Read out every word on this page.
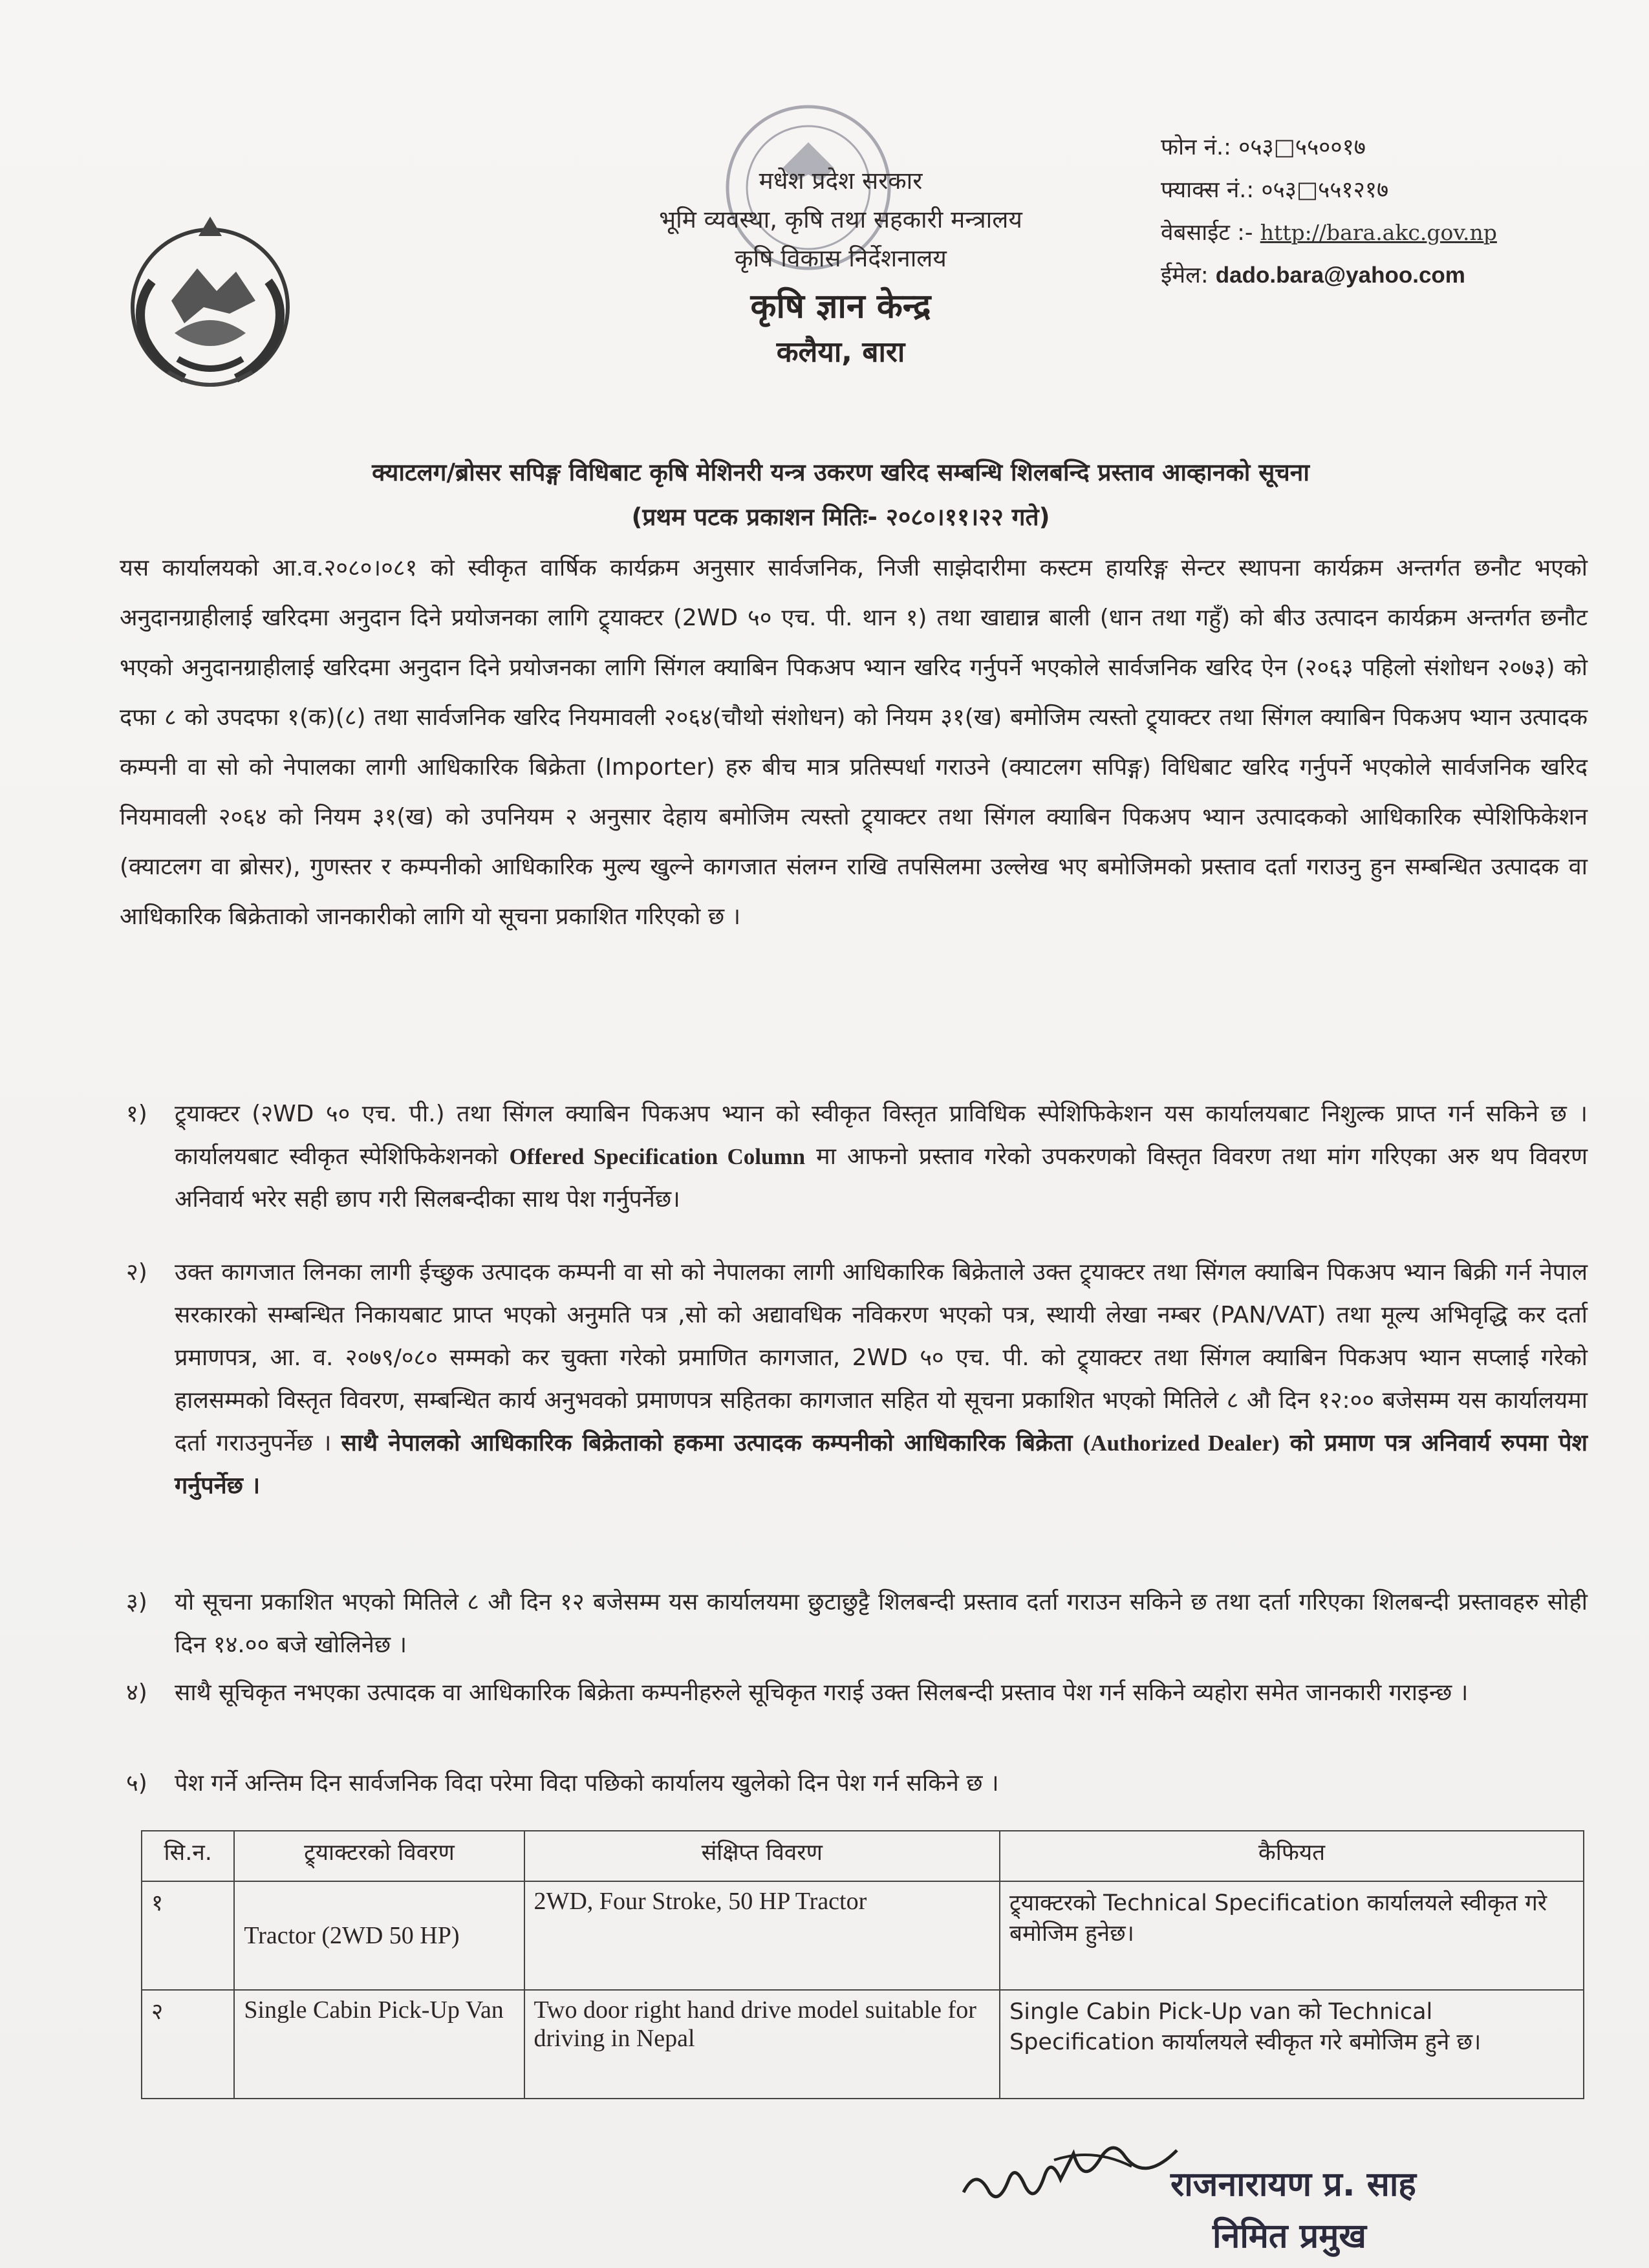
मधेश प्रदेश सरकार
भूमि व्यवस्था, कृषि तथा सहकारी मन्त्रालय
कृषि विकास निर्देशनालय
कृषि ज्ञान केन्द्र
कलैया, बारा
फोन नं.: ०५३□५५००१७
फ्याक्स नं.: ०५३□५५१२१७
वेबसाईट :- http://bara.akc.gov.np
ईमेल: dado.bara@yahoo.com
क्याटलग/ब्रोसर सपिङ्ग विधिबाट कृषि मेशिनरी यन्त्र उकरण खरिद सम्बन्धि शिलबन्दि प्रस्ताव आव्हानको सूचना
(प्रथम पटक प्रकाशन मितिः- २०८०।११।२२ गते)
यस कार्यालयको आ.व.२०८०।०८१ को स्वीकृत वार्षिक कार्यक्रम अनुसार सार्वजनिक, निजी साझेदारीमा कस्टम हायरिङ्ग सेन्टर स्थापना कार्यक्रम अन्तर्गत छनौट भएको अनुदानग्राहीलाई खरिदमा अनुदान दिने प्रयोजनका लागि ट्र्याक्टर (2WD ५० एच. पी. थान १) तथा खाद्यान्न बाली (धान तथा गहुँ) को बीउ उत्पादन कार्यक्रम अन्तर्गत छनौट भएको अनुदानग्राहीलाई खरिदमा अनुदान दिने प्रयोजनका लागि सिंगल क्याबिन पिकअप भ्यान खरिद गर्नुपर्ने भएकोले सार्वजनिक खरिद ऐन (२०६३ पहिलो संशोधन २०७३) को दफा ८ को उपदफा १(क)(८) तथा सार्वजनिक खरिद नियमावली २०६४(चौथो संशोधन) को नियम ३१(ख) बमोजिम त्यस्तो ट्र्याक्टर तथा सिंगल क्याबिन पिकअप भ्यान उत्पादक कम्पनी वा सो को नेपालका लागी आधिकारिक बिक्रेता (Importer) हरु बीच मात्र प्रतिस्पर्धा गराउने (क्याटलग सपिङ्ग) विधिबाट खरिद गर्नुपर्ने भएकोले सार्वजनिक खरिद नियमावली २०६४ को नियम ३१(ख) को उपनियम २ अनुसार देहाय बमोजिम त्यस्तो ट्र्याक्टर तथा सिंगल क्याबिन पिकअप भ्यान उत्पादकको आधिकारिक स्पेशिफिकेशन (क्याटलग वा ब्रोसर), गुणस्तर र कम्पनीको आधिकारिक मुल्य खुल्ने कागजात संलग्न राखि तपसिलमा उल्लेख भए बमोजिमको प्रस्ताव दर्ता गराउनु हुन सम्बन्धित उत्पादक वा आधिकारिक बिक्रेताको जानकारीको लागि यो सूचना प्रकाशित गरिएको छ ।
१) ट्र्याक्टर (२WD ५० एच. पी.) तथा सिंगल क्याबिन पिकअप भ्यान को स्वीकृत विस्तृत प्राविधिक स्पेशिफिकेशन यस कार्यालयबाट निशुल्क प्राप्त गर्न सकिने छ । कार्यालयबाट स्वीकृत स्पेशिफिकेशनको Offered Specification Column मा आफनो प्रस्ताव गरेको उपकरणको विस्तृत विवरण तथा मांग गरिएका अरु थप विवरण अनिवार्य भरेर सही छाप गरी सिलबन्दीका साथ पेश गर्नुपर्नेछ।
२) उक्त कागजात लिनका लागी ईच्छुक उत्पादक कम्पनी वा सो को नेपालका लागी आधिकारिक बिक्रेताले उक्त ट्र्याक्टर तथा सिंगल क्याबिन पिकअप भ्यान बिक्री गर्न नेपाल सरकारको सम्बन्धित निकायबाट प्राप्त भएको अनुमति पत्र ,सो को अद्यावधिक नविकरण भएको पत्र, स्थायी लेखा नम्बर (PAN/VAT) तथा मूल्य अभिवृद्धि कर दर्ता प्रमाणपत्र, आ. व. २०७९/०८० सम्मको कर चुक्ता गरेको प्रमाणित कागजात, 2WD ५० एच. पी. को ट्र्याक्टर तथा सिंगल क्याबिन पिकअप भ्यान सप्लाई गरेको हालसम्मको विस्तृत विवरण, सम्बन्धित कार्य अनुभवको प्रमाणपत्र सहितका कागजात सहित यो सूचना प्रकाशित भएको मितिले ८ औ दिन १२:०० बजेसम्म यस कार्यालयमा दर्ता गराउनुपर्नेछ । साथै नेपालको आधिकारिक बिक्रेताको हकमा उत्पादक कम्पनीको आधिकारिक बिक्रेता (Authorized Dealer) को प्रमाण पत्र अनिवार्य रुपमा पेश गर्नुपर्नेछ ।
३) यो सूचना प्रकाशित भएको मितिले ८ औ दिन १२ बजेसम्म यस कार्यालयमा छुटाछुट्टै शिलबन्दी प्रस्ताव दर्ता गराउन सकिने छ तथा दर्ता गरिएका शिलबन्दी प्रस्तावहरु सोही दिन १४.०० बजे खोलिनेछ ।
४) साथै सूचिकृत नभएका उत्पादक वा आधिकारिक बिक्रेता कम्पनीहरुले सूचिकृत गराई उक्त सिलबन्दी प्रस्ताव पेश गर्न सकिने व्यहोरा समेत जानकारी गराइन्छ ।
५) पेश गर्ने अन्तिम दिन सार्वजनिक विदा परेमा विदा पछिको कार्यालय खुलेको दिन पेश गर्न सकिने छ ।
सि.न.	ट्र्याक्टरको विवरण	संक्षिप्त विवरण	कैफियत
१	Tractor (2WD 50 HP)	2WD, Four Stroke, 50 HP Tractor	ट्र्याक्टरको Technical Specification कार्यालयले स्वीकृत गरे बमोजिम हुनेछ।
२	Single Cabin Pick-Up Van	Two door right hand drive model suitable for driving in Nepal	Single Cabin Pick-Up van को Technical Specification कार्यालयले स्वीकृत गरे बमोजिम हुने छ।
राजनारायण प्र. साह
निमित प्रमुख
